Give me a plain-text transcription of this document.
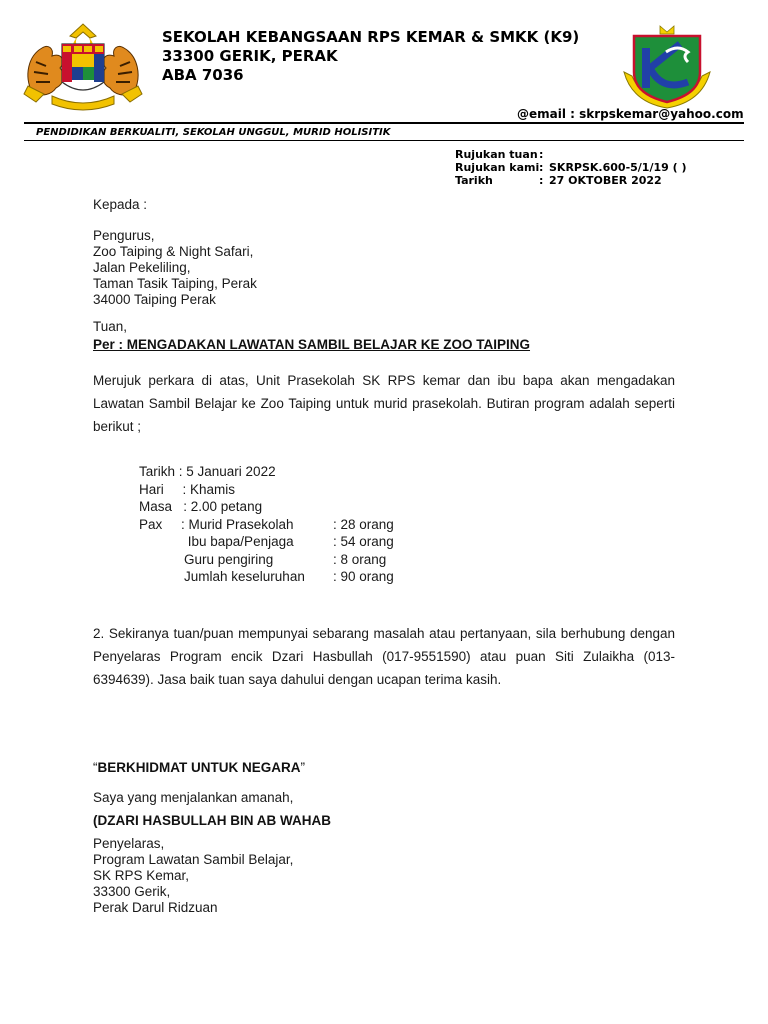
SEKOLAH KEBANGSAAN RPS KEMAR & SMKK (K9)
33300 GERIK, PERAK
ABA 7036
@email : skrpskemar@yahoo.com
PENDIDIKAN BERKUALITI, SEKOLAH UNGGUL, MURID HOLISITIK
Rujukan tuan :
Rujukan kami : SKRPSK.600-5/1/19 ( )
Tarikh	: 27 OKTOBER 2022
Kepada :
Pengurus,
Zoo Taiping & Night Safari,
Jalan Pekeliling,
Taman Tasik Taiping, Perak
34000 Taiping Perak
Tuan,
Per : MENGADAKAN LAWATAN SAMBIL BELAJAR KE ZOO TAIPING
Merujuk perkara di atas, Unit Prasekolah SK RPS kemar dan ibu bapa akan mengadakan Lawatan Sambil Belajar ke Zoo Taiping untuk murid prasekolah. Butiran program adalah seperti berikut ;
Tarikh : 5 Januari 2022
Hari     : Khamis
Masa   : 2.00 petang
Pax     : Murid Prasekolah	: 28 orang
Ibu bapa/Penjaga	: 54 orang
Guru pengiring	: 8 orang
Jumlah keseluruhan	: 90 orang
2. Sekiranya tuan/puan mempunyai sebarang masalah atau pertanyaan, sila berhubung dengan Penyelaras Program encik Dzari Hasbullah (017-9551590) atau puan Siti Zulaikha (013-6394639). Jasa baik tuan saya dahului dengan ucapan terima kasih.
“BERKHIDMAT UNTUK NEGARA”
Saya yang menjalankan amanah,
(DZARI HASBULLAH BIN AB WAHAB
Penyelaras,
Program Lawatan Sambil Belajar,
SK RPS Kemar,
33300 Gerik,
Perak Darul Ridzuan
